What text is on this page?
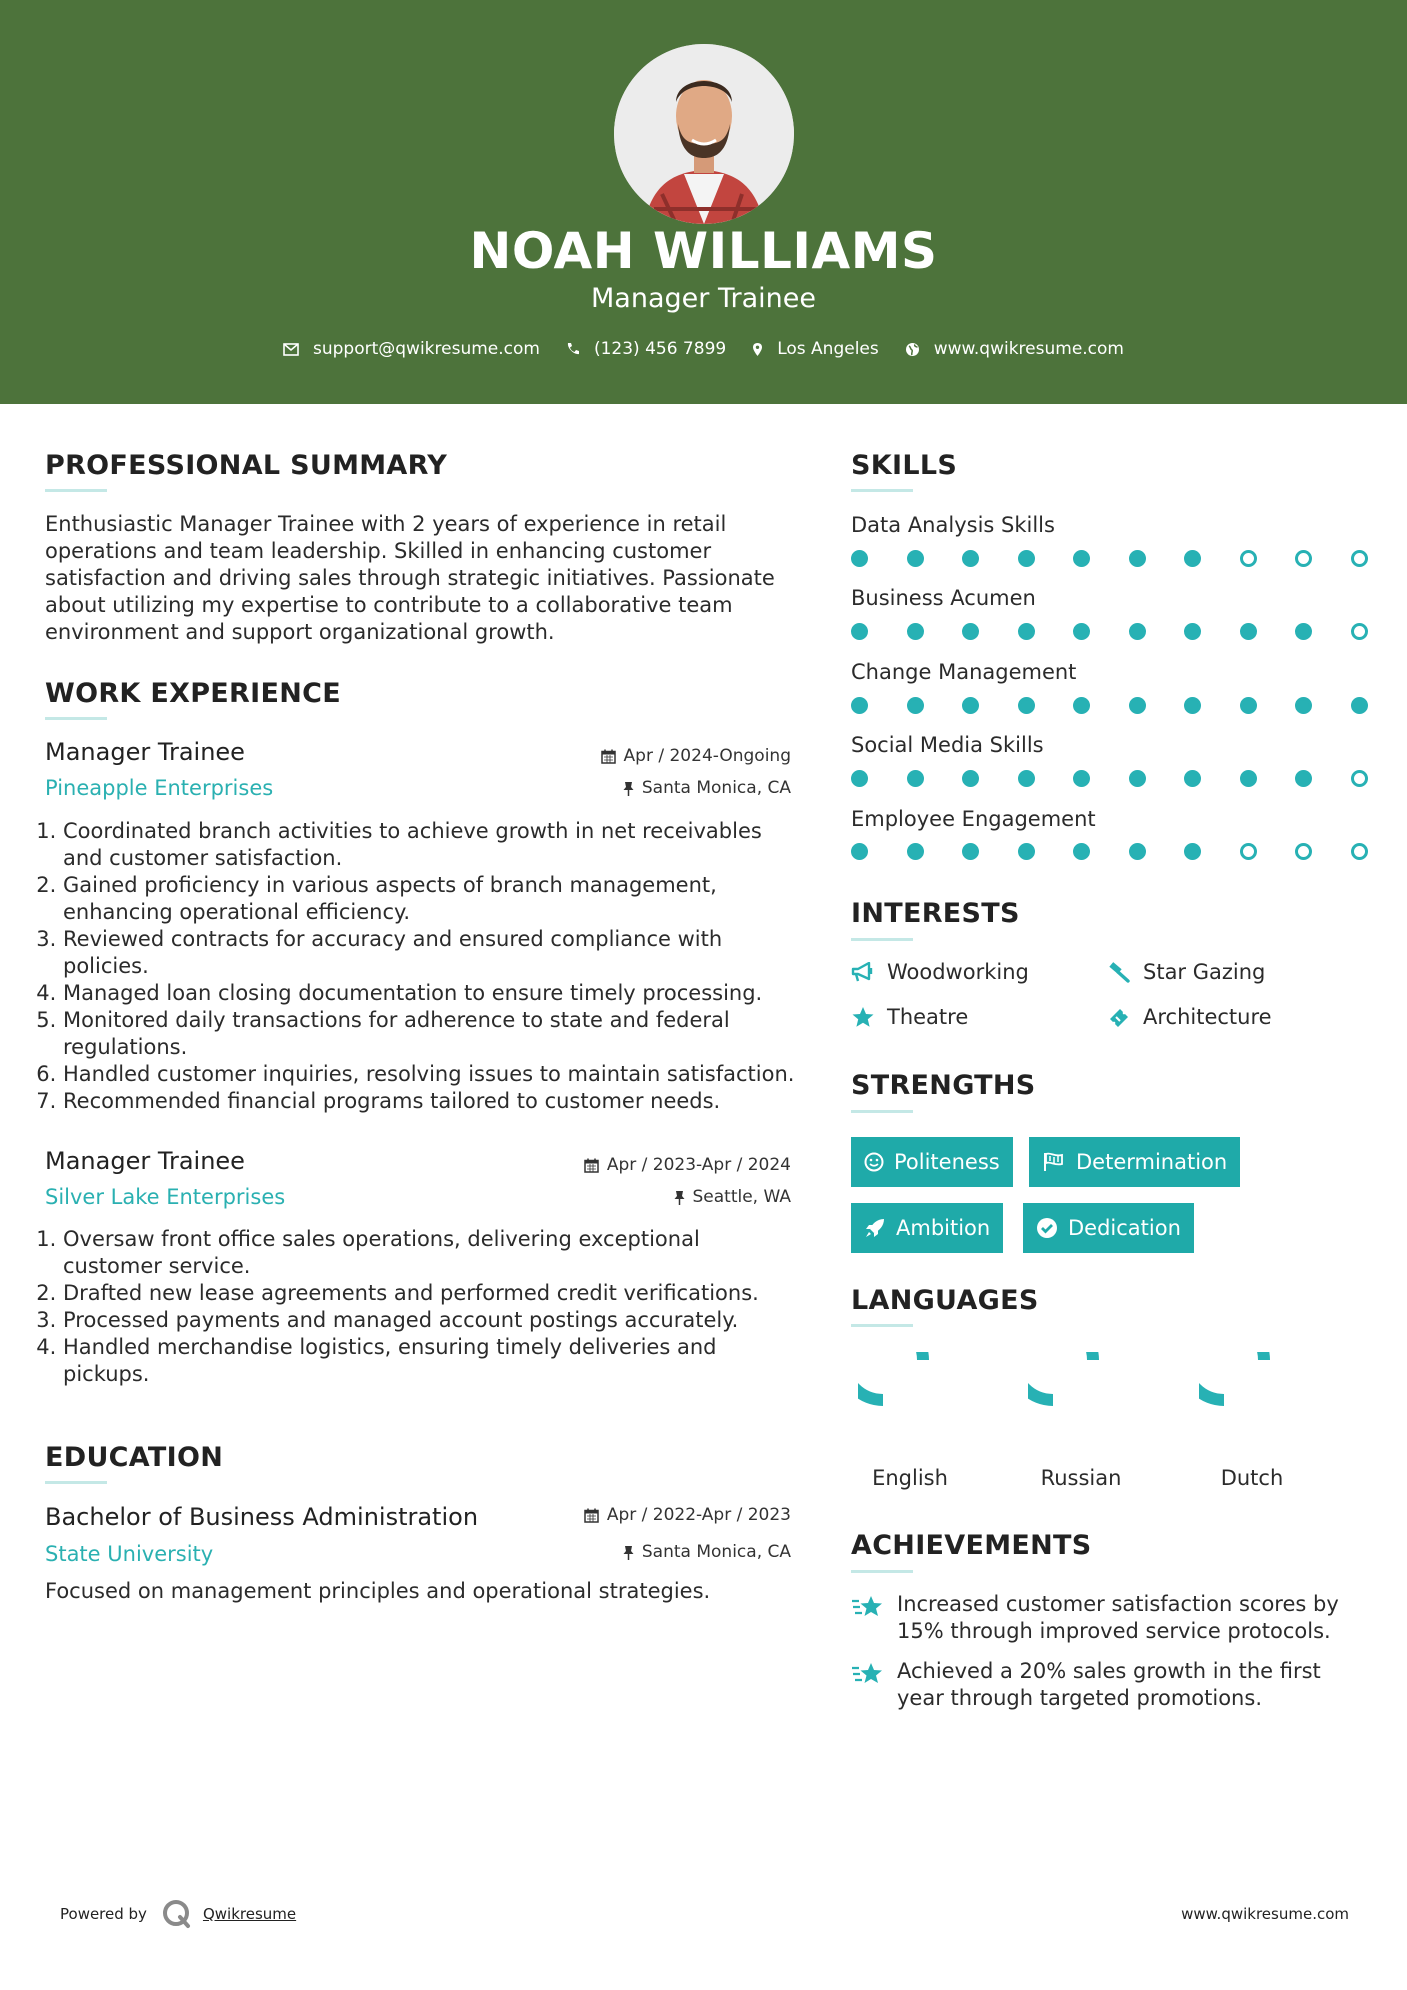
NOAH WILLIAMS
Manager Trainee
support@qwikresume.com	(123) 456 7899	Los Angeles	www.qwikresume.com
PROFESSIONAL SUMMARY
Enthusiastic Manager Trainee with 2 years of experience in retail operations and team leadership. Skilled in enhancing customer satisfaction and driving sales through strategic initiatives. Passionate about utilizing my expertise to contribute to a collaborative team environment and support organizational growth.
WORK EXPERIENCE
Manager Trainee	Apr / 2024-Ongoing
Pineapple Enterprises	Santa Monica, CA
1. Coordinated branch activities to achieve growth in net receivables and customer satisfaction.
2. Gained proficiency in various aspects of branch management, enhancing operational efficiency.
3. Reviewed contracts for accuracy and ensured compliance with policies.
4. Managed loan closing documentation to ensure timely processing.
5. Monitored daily transactions for adherence to state and federal regulations.
6. Handled customer inquiries, resolving issues to maintain satisfaction.
7. Recommended financial programs tailored to customer needs.
Manager Trainee	Apr / 2023-Apr / 2024
Silver Lake Enterprises	Seattle, WA
1. Oversaw front office sales operations, delivering exceptional customer service.
2. Drafted new lease agreements and performed credit verifications.
3. Processed payments and managed account postings accurately.
4. Handled merchandise logistics, ensuring timely deliveries and pickups.
EDUCATION
Bachelor of Business Administration	Apr / 2022-Apr / 2023
State University	Santa Monica, CA
Focused on management principles and operational strategies.
SKILLS
Data Analysis Skills
Business Acumen
Change Management
Social Media Skills
Employee Engagement
INTERESTS
Woodworking	Star Gazing
Theatre	Architecture
STRENGTHS
Politeness	Determination
Ambition	Dedication
LANGUAGES
English	Russian	Dutch
ACHIEVEMENTS
Increased customer satisfaction scores by 15% through improved service protocols.
Achieved a 20% sales growth in the first year through targeted promotions.
Powered by	Qwikresume	www.qwikresume.com
